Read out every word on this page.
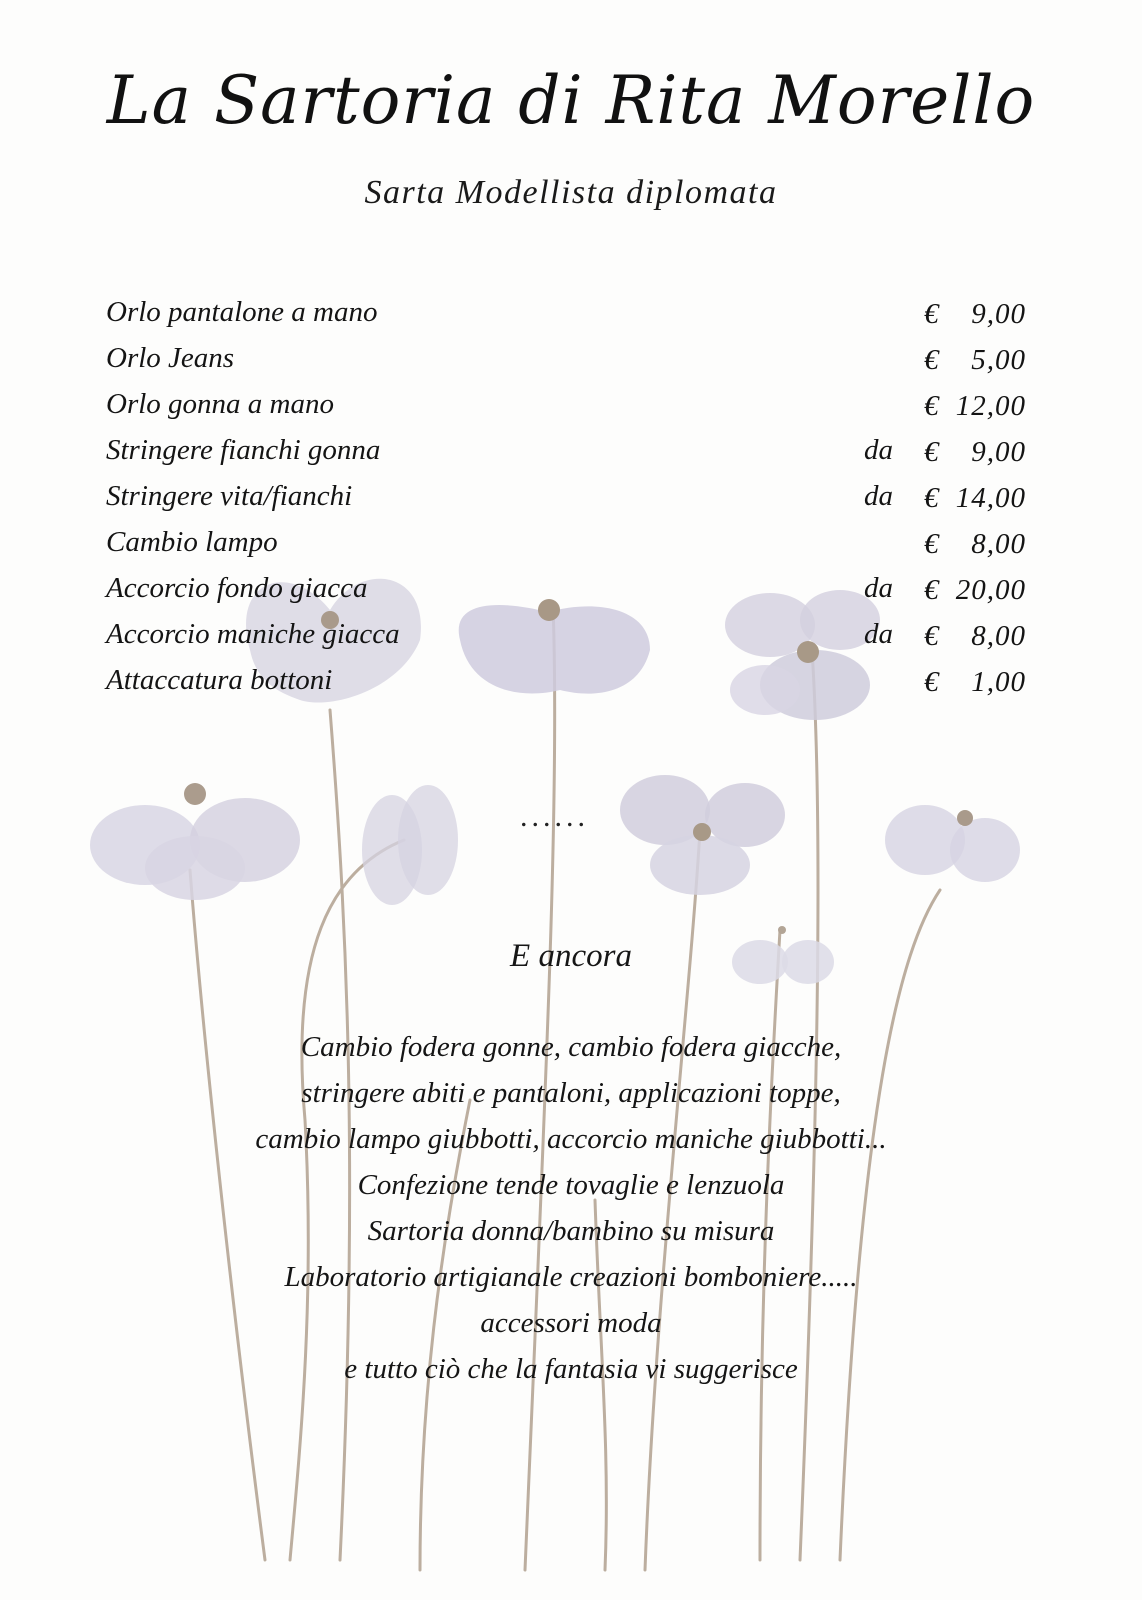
La Sartoria di Rita Morello
Sarta Modellista diplomata
Orlo pantalone a mano	€ 9,00
Orlo Jeans	€ 5,00
Orlo gonna a mano	€ 12,00
Stringere fianchi gonna	da € 9,00
Stringere vita/fianchi	da € 14,00
Cambio lampo	€ 8,00
Accorcio fondo giacca	da € 20,00
Accorcio maniche giacca	da € 8,00
Attaccatura bottoni	€ 1,00
......
E ancora
Cambio fodera gonne, cambio fodera giacche,
stringere abiti e pantaloni, applicazioni toppe,
cambio lampo giubbotti, accorcio maniche giubbotti...
Confezione tende tovaglie e lenzuola
Sartoria donna/bambino su misura
Laboratorio artigianale creazioni bomboniere.....
accessori moda
e tutto ciò che la fantasia vi suggerisce
